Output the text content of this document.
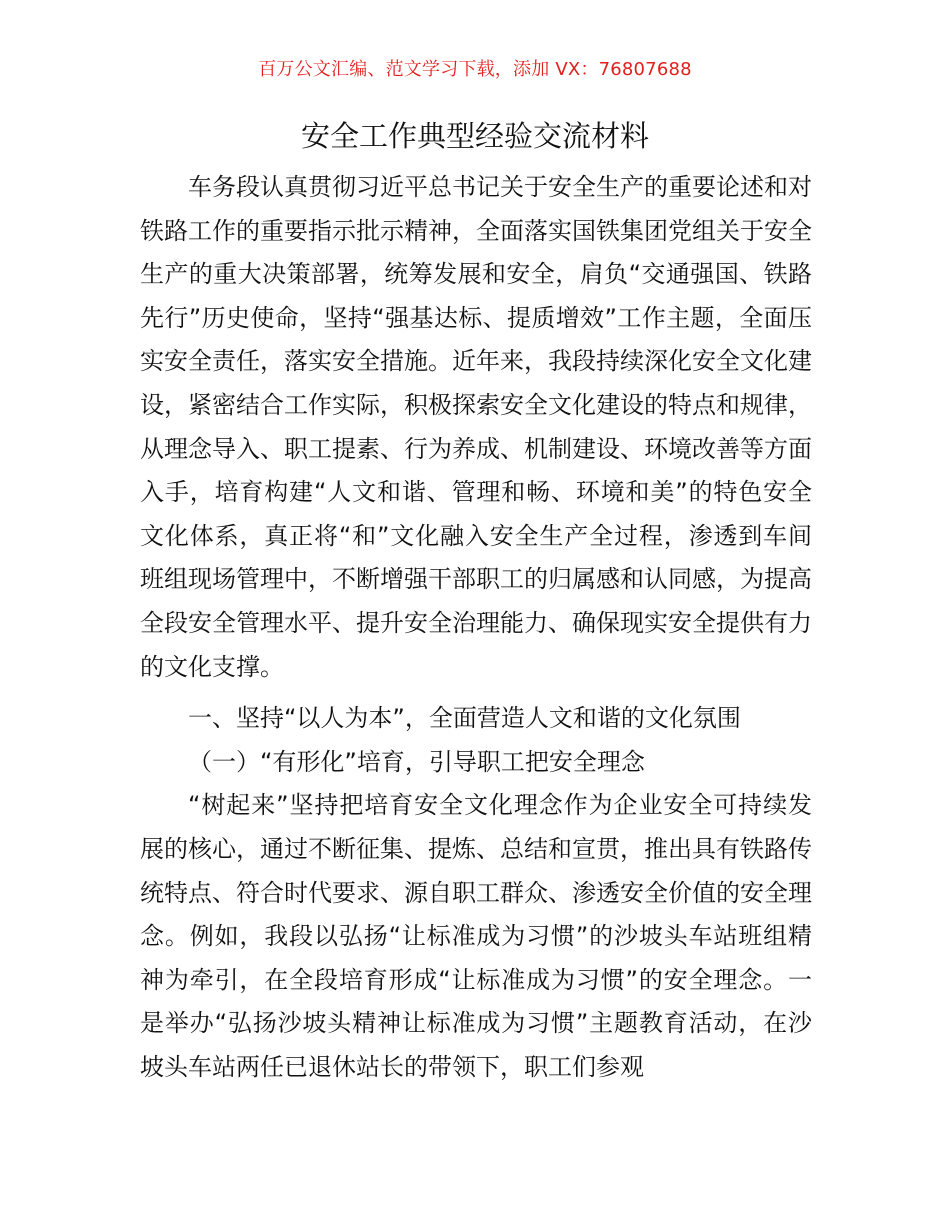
百万公文汇编、范文学习下载，添加 VX：76807688
安全工作典型经验交流材料

车务段认真贯彻习近平总书记关于安全生产的重要论述和对铁路工作的重要指示批示精神，全面落实国铁集团党组关于安全生产的重大决策部署，统筹发展和安全，肩负“交通强国、铁路先行”历史使命，坚持“强基达标、提质增效”工作主题，全面压实安全责任，落实安全措施。近年来，我段持续深化安全文化建设，紧密结合工作实际，积极探索安全文化建设的特点和规律，从理念导入、职工提素、行为养成、机制建设、环境改善等方面入手，培育构建“人文和谐、管理和畅、环境和美”的特色安全文化体系，真正将“和”文化融入安全生产全过程，渗透到车间班组现场管理中，不断增强干部职工的归属感和认同感，为提高全段安全管理水平、提升安全治理能力、确保现实安全提供有力的文化支撑。

一、坚持“以人为本”，全面营造人文和谐的文化氛围

（一）“有形化”培育，引导职工把安全理念

“树起来”坚持把培育安全文化理念作为企业安全可持续发展的核心，通过不断征集、提炼、总结和宣贯，推出具有铁路传统特点、符合时代要求、源自职工群众、渗透安全价值的安全理念。例如，我段以弘扬“让标准成为习惯”的沙坡头车站班组精神为牵引，在全段培育形成“让标准成为习惯”的安全理念。一是举办“弘扬沙坡头精神让标准成为习惯”主题教育活动，在沙坡头车站两任已退休站长的带领下，职工们参观
